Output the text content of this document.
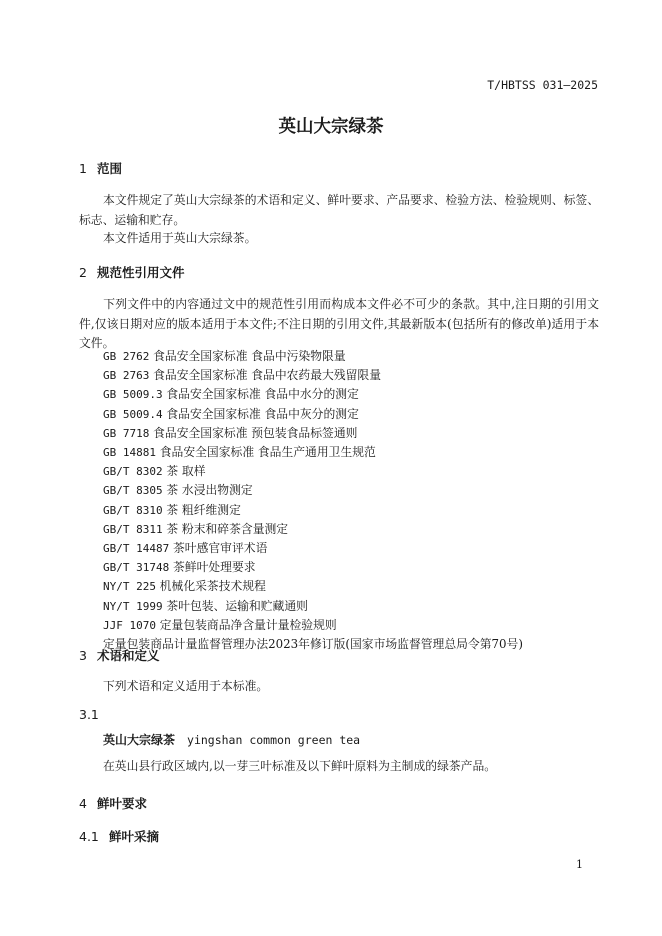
T/HBTSS 031—2025
英山大宗绿茶
1 范围
本文件规定了英山大宗绿茶的术语和定义、鲜叶要求、产品要求、检验方法、检验规则、标签、标志、运输和贮存。
本文件适用于英山大宗绿茶。
2 规范性引用文件
下列文件中的内容通过文中的规范性引用而构成本文件必不可少的条款。其中,注日期的引用文件,仅该日期对应的版本适用于本文件;不注日期的引用文件,其最新版本(包括所有的修改单)适用于本文件。
GB 2762 食品安全国家标准 食品中污染物限量
GB 2763 食品安全国家标准 食品中农药最大残留限量
GB 5009.3 食品安全国家标准 食品中水分的测定
GB 5009.4 食品安全国家标准 食品中灰分的测定
GB 7718 食品安全国家标准 预包装食品标签通则
GB 14881 食品安全国家标准 食品生产通用卫生规范
GB/T 8302 茶 取样
GB/T 8305 茶 水浸出物测定
GB/T 8310 茶 粗纤维测定
GB/T 8311 茶 粉末和碎茶含量测定
GB/T 14487 茶叶感官审评术语
GB/T 31748 茶鲜叶处理要求
NY/T 225 机械化采茶技术规程
NY/T 1999 茶叶包装、运输和贮藏通则
JJF 1070 定量包装商品净含量计量检验规则
定量包装商品计量监督管理办法2023年修订版(国家市场监督管理总局令第70号)
3 术语和定义
下列术语和定义适用于本标准。
3.1
英山大宗绿茶 yingshan common green tea
在英山县行政区域内,以一芽三叶标准及以下鲜叶原料为主制成的绿茶产品。
4 鲜叶要求
4.1 鲜叶采摘
1
